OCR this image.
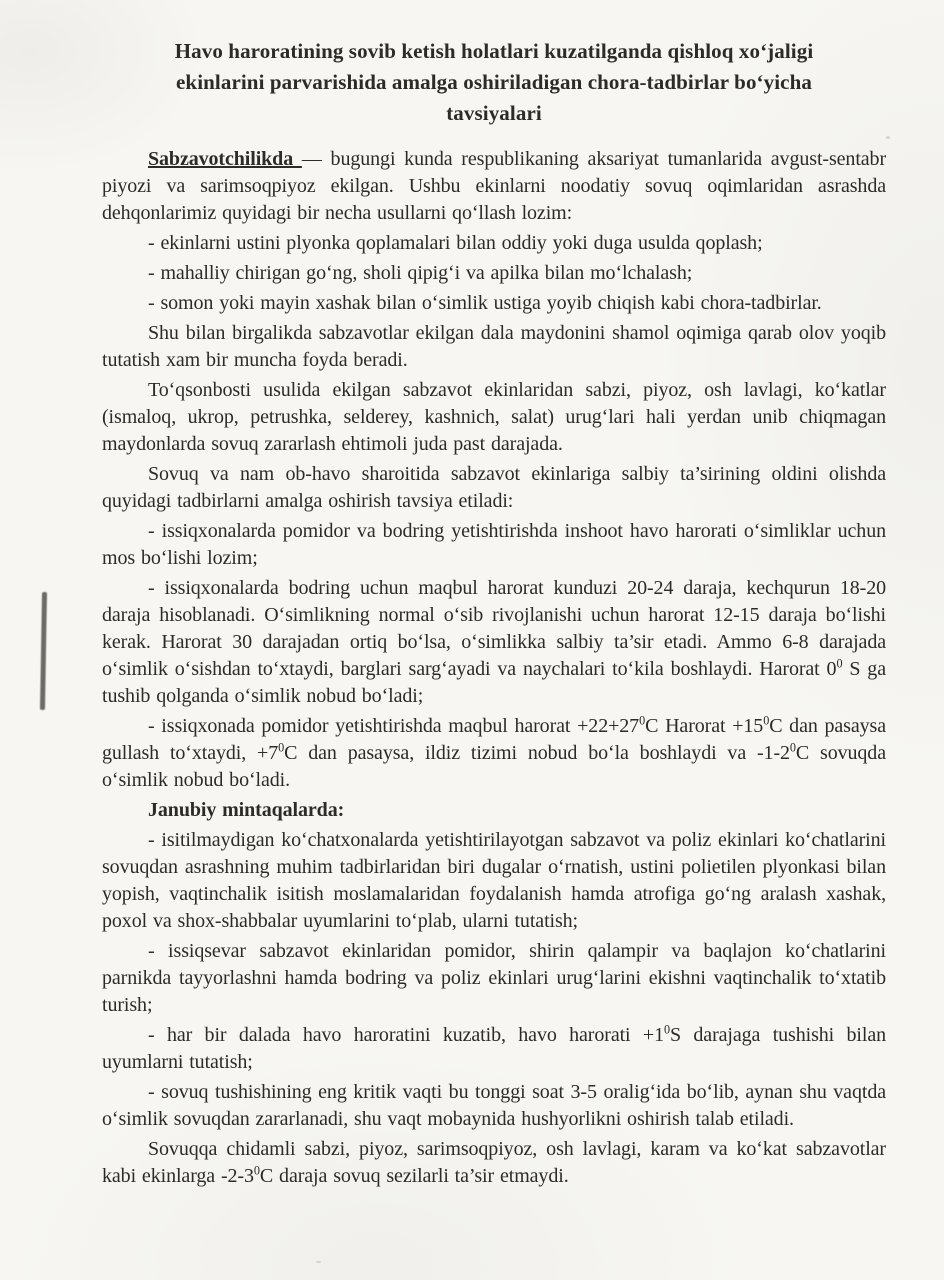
Havo haroratining sovib ketish holatlari kuzatilganda qishloq xo‘jaligi
ekinlarini parvarishida amalga oshiriladigan chora-tadbirlar bo‘yicha
tavsiyalari

Sabzavotchilikda — bugungi kunda respublikaning aksariyat tumanlarida avgust-sentabr piyozi va sarimsoqpiyoz ekilgan. Ushbu ekinlarni noodatiy sovuq oqimlaridan asrashda dehqonlarimiz quyidagi bir necha usullarni qo‘llash lozim:

- ekinlarni ustini plyonka qoplamalari bilan oddiy yoki duga usulda qoplash;

- mahalliy chirigan go‘ng, sholi qipig‘i va apilka bilan mo‘lchalash;

- somon yoki mayin xashak bilan o‘simlik ustiga yoyib chiqish kabi chora-tadbirlar.

Shu bilan birgalikda sabzavotlar ekilgan dala maydonini shamol oqimiga qarab olov yoqib tutatish xam bir muncha foyda beradi.

To‘qsonbosti usulida ekilgan sabzavot ekinlaridan sabzi, piyoz, osh lavlagi, ko‘katlar (ismaloq, ukrop, petrushka, selderey, kashnich, salat) urug‘lari hali yerdan unib chiqmagan maydonlarda sovuq zararlash ehtimoli juda past darajada.

Sovuq va nam ob-havo sharoitida sabzavot ekinlariga salbiy ta’sirining oldini olishda quyidagi tadbirlarni amalga oshirish tavsiya etiladi:

- issiqxonalarda pomidor va bodring yetishtirishda inshoot havo harorati o‘simliklar uchun mos bo‘lishi lozim;

- issiqxonalarda bodring uchun maqbul harorat kunduzi 20-24 daraja, kechqurun 18-20 daraja hisoblanadi. O‘simlikning normal o‘sib rivojlanishi uchun harorat 12-15 daraja bo‘lishi kerak. Harorat 30 darajadan ortiq bo‘lsa, o‘simlikka salbiy ta’sir etadi. Ammo 6-8 darajada o‘simlik o‘sishdan to‘xtaydi, barglari sarg‘ayadi va naychalari to‘kila boshlaydi. Harorat $0^0$ S ga tushib qolganda o‘simlik nobud bo‘ladi;

- issiqxonada pomidor yetishtirishda maqbul harorat $+22+27^0C$ Harorat $+15^0C$ dan pasaysa gullash to‘xtaydi, $+7^0C$ dan pasaysa, ildiz tizimi nobud bo‘la boshlaydi va $-1-2^0C$ sovuqda o‘simlik nobud bo‘ladi.

Janubiy mintaqalarda:

- isitilmaydigan ko‘chatxonalarda yetishtirilayotgan sabzavot va poliz ekinlari ko‘chatlarini sovuqdan asrashning muhim tadbirlaridan biri dugalar o‘rnatish, ustini polietilen plyonkasi bilan yopish, vaqtinchalik isitish moslamalaridan foydalanish hamda atrofiga go‘ng aralash xashak, poxol va shox-shabbalar uyumlarini to‘plab, ularni tutatish;

- issiqsevar sabzavot ekinlaridan pomidor, shirin qalampir va baqlajon ko‘chatlarini parnikda tayyorlashni hamda bodring va poliz ekinlari urug‘larini ekishni vaqtinchalik to‘xtatib turish;

- har bir dalada havo haroratini kuzatib, havo harorati $+1^0S$ darajaga tushishi bilan uyumlarni tutatish;

- sovuq tushishining eng kritik vaqti bu tonggi soat 3-5 oralig‘ida bo‘lib, aynan shu vaqtda o‘simlik sovuqdan zararlanadi, shu vaqt mobaynida hushyorlikni oshirish talab etiladi.

Sovuqqa chidamli sabzi, piyoz, sarimsoqpiyoz, osh lavlagi, karam va ko‘kat sabzavotlar kabi ekinlarga $-2-3^0C$ daraja sovuq sezilarli ta’sir etmaydi.
